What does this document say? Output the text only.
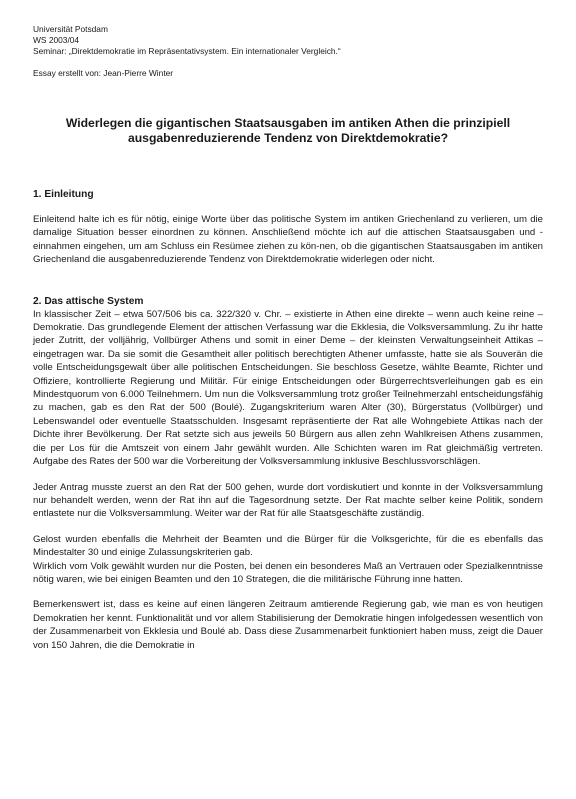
Universität Potsdam
WS 2003/04
Seminar: „Direktdemokratie im Repräsentativsystem. Ein internationaler Vergleich.“
Essay erstellt von: Jean-Pierre Winter
Widerlegen die gigantischen Staatsausgaben im antiken Athen die prinzipiell ausgabenreduzierende Tendenz von Direktdemokratie?
1. Einleitung

Einleitend halte ich es für nötig, einige Worte über das politische System im antiken Griechenland zu verlieren, um die damalige Situation besser einordnen zu können. Anschließend möchte ich auf die attischen Staatsausgaben und -einnahmen eingehen, um am Schluss ein Resümee ziehen zu kön-nen, ob die gigantischen Staatsausgaben im antiken Griechenland die ausgabenreduzierende Tendenz von Direktdemokratie widerlegen oder nicht.

2. Das attische System

In klassischer Zeit – etwa 507/506 bis ca. 322/320 v. Chr. – existierte in Athen eine direkte – wenn auch keine reine – Demokratie. Das grundlegende Element der attischen Verfassung war die Ekklesia, die Volksversammlung. Zu ihr hatte jeder Zutritt, der volljährig, Vollbürger Athens und somit in einer Deme – der kleinsten Verwaltungseinheit Attikas – eingetragen war. Da sie somit die Gesamtheit aller politisch berechtigten Athener umfasste, hatte sie als Souverän die volle Entscheidungsgewalt über alle politischen Entscheidungen. Sie beschloss Gesetze, wählte Beamte, Richter und Offiziere, kontrollierte Regierung und Militär. Für einige Entscheidungen oder Bürgerrechtsverleihungen gab es ein Mindestquorum von 6.000 Teilnehmern. Um nun die Volksversammlung trotz großer Teilnehmerzahl entscheidungsfähig zu machen, gab es den Rat der 500 (Boulé). Zugangskriterium waren Alter (30), Bürgerstatus (Vollbürger) und Lebenswandel oder eventuelle Staatsschulden. Insgesamt repräsentierte der Rat alle Wohngebiete Attikas nach der Dichte ihrer Bevölkerung. Der Rat setzte sich aus jeweils 50 Bürgern aus allen zehn Wahlkreisen Athens zusammen, die per Los für die Amtszeit von einem Jahr gewählt wurden. Alle Schichten waren im Rat gleichmäßig vertreten. Aufgabe des Rates der 500 war die Vorbereitung der Volksversammlung inklusive Beschlussvorschlägen.

Jeder Antrag musste zuerst an den Rat der 500 gehen, wurde dort vordiskutiert und konnte in der Volksversammlung nur behandelt werden, wenn der Rat ihn auf die Tagesordnung setzte. Der Rat machte selber keine Politik, sondern entlastete nur die Volksversammlung. Weiter war der Rat für alle Staatsgeschäfte zuständig.

Gelost wurden ebenfalls die Mehrheit der Beamten und die Bürger für die Volksgerichte, für die es ebenfalls das Mindestalter 30 und einige Zulassungskriterien gab.

Wirklich vom Volk gewählt wurden nur die Posten, bei denen ein besonderes Maß an Vertrauen oder Spezialkenntnisse nötig waren, wie bei einigen Beamten und den 10 Strategen, die die militärische Führung inne hatten.

Bemerkenswert ist, dass es keine auf einen längeren Zeitraum amtierende Regierung gab, wie man es von heutigen Demokratien her kennt. Funktionalität und vor allem Stabilisierung der Demokratie hingen infolgedessen wesentlich von der Zusammenarbeit von Ekklesia und Boulé ab. Dass diese Zusammenarbeit funktioniert haben muss, zeigt die Dauer von 150 Jahren, die die Demokratie in
